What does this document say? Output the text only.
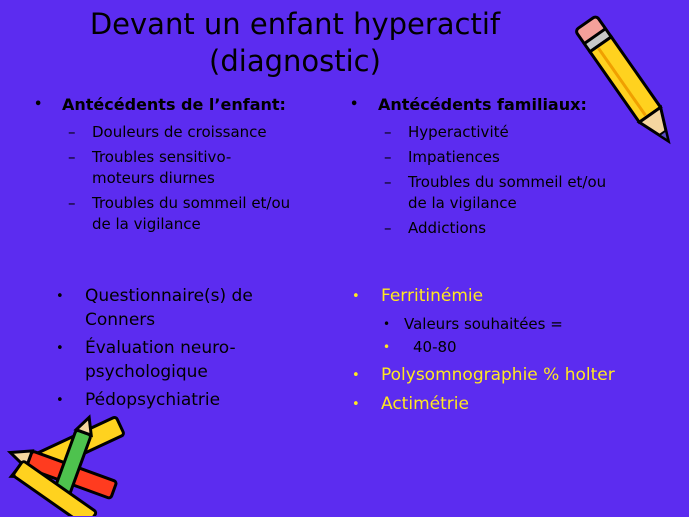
Devant un enfant hyperactif
(diagnostic)
•	Antécédents de l’enfant:
–	Douleurs de croissance
–	Troubles sensitivo-
moteurs diurnes
–	Troubles du sommeil et/ou
de la vigilance
•	Antécédents familiaux:
–	Hyperactivité
–	Impatiences
–	Troubles du sommeil et/ou
de la vigilance
–	Addictions
•	Questionnaire(s) de
Conners
•	Évaluation neuro-
psychologique
•	Pédopsychiatrie
•	Ferritinémie
• Valeurs souhaitées =
•	40-80
•	Polysomnographie % holter
•	Actimétrie
